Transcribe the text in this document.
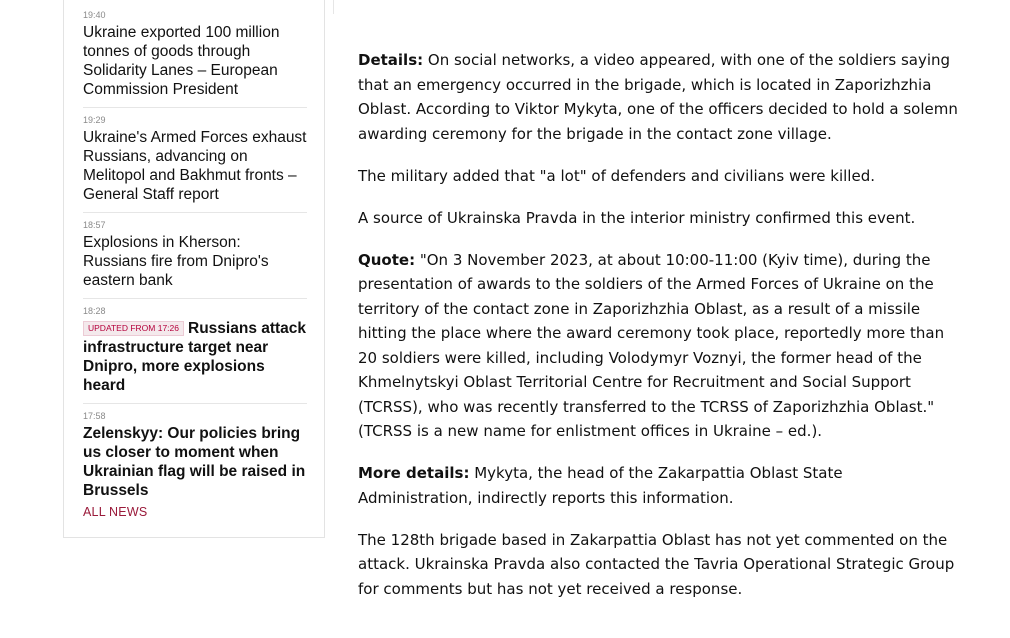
19:40
Ukraine exported 100 million tonnes of goods through Solidarity Lanes – European Commission President
19:29
Ukraine's Armed Forces exhaust Russians, advancing on Melitopol and Bakhmut fronts – General Staff report
18:57
Explosions in Kherson: Russians fire from Dnipro's eastern bank
18:28
UPDATED FROM 17:26 Russians attack infrastructure target near Dnipro, more explosions heard
17:58
Zelenskyy: Our policies bring us closer to moment when Ukrainian flag will be raised in Brussels
ALL NEWS

Details: On social networks, a video appeared, with one of the soldiers saying that an emergency occurred in the brigade, which is located in Zaporizhzhia Oblast. According to Viktor Mykyta, one of the officers decided to hold a solemn awarding ceremony for the brigade in the contact zone village.

The military added that "a lot" of defenders and civilians were killed.

A source of Ukrainska Pravda in the interior ministry confirmed this event.

Quote: "On 3 November 2023, at about 10:00-11:00 (Kyiv time), during the presentation of awards to the soldiers of the Armed Forces of Ukraine on the territory of the contact zone in Zaporizhzhia Oblast, as a result of a missile hitting the place where the award ceremony took place, reportedly more than 20 soldiers were killed, including Volodymyr Voznyi, the former head of the Khmelnytskyi Oblast Territorial Centre for Recruitment and Social Support (TCRSS), who was recently transferred to the TCRSS of Zaporizhzhia Oblast." (TCRSS is a new name for enlistment offices in Ukraine – ed.).

More details: Mykyta, the head of the Zakarpattia Oblast State Administration, indirectly reports this information.

The 128th brigade based in Zakarpattia Oblast has not yet commented on the attack. Ukrainska Pravda also contacted the Tavria Operational Strategic Group for comments but has not yet received a response.
